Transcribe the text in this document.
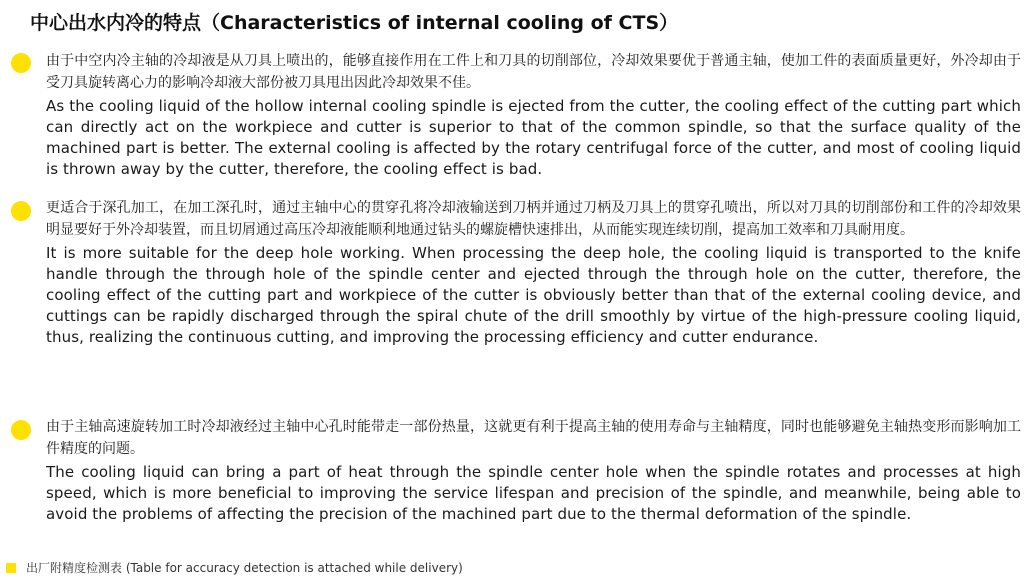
中心出水内冷的特点（Characteristics of internal cooling of CTS）

由于中空内冷主轴的冷却液是从刀具上喷出的，能够直接作用在工件上和刀具的切削部位，冷却效果要优于普通主轴，使加工件的表面质量更好，外冷却由于受刀具旋转离心力的影响冷却液大部份被刀具甩出因此冷却效果不佳。

As the cooling liquid of the hollow internal cooling spindle is ejected from the cutter, the cooling effect of the cutting part which can directly act on the workpiece and cutter is superior to that of the common spindle, so that the surface quality of the machined part is better. The external cooling is affected by the rotary centrifugal force of the cutter, and most of cooling liquid is thrown away by the cutter, therefore, the cooling effect is bad.

更适合于深孔加工，在加工深孔时，通过主轴中心的贯穿孔将冷却液输送到刀柄并通过刀柄及刀具上的贯穿孔喷出，所以对刀具的切削部份和工件的冷却效果明显要好于外冷却装置，而且切屑通过高压冷却液能顺利地通过钻头的螺旋槽快速排出，从而能实现连续切削，提高加工效率和刀具耐用度。

It is more suitable for the deep hole working. When processing the deep hole, the cooling liquid is transported to the knife handle through the through hole of the spindle center and ejected through the through hole on the cutter, therefore, the cooling effect of the cutting part and workpiece of the cutter is obviously better than that of the external cooling device, and cuttings can be rapidly discharged through the spiral chute of the drill smoothly by virtue of the high-pressure cooling liquid, thus, realizing the continuous cutting, and improving the processing efficiency and cutter endurance.

由于主轴高速旋转加工时冷却液经过主轴中心孔时能带走一部份热量，这就更有利于提高主轴的使用寿命与主轴精度，同时也能够避免主轴热变形而影响加工件精度的问题。

The cooling liquid can bring a part of heat through the spindle center hole when the spindle rotates and processes at high speed, which is more beneficial to improving the service lifespan and precision of the spindle, and meanwhile, being able to avoid the problems of affecting the precision of the machined part due to the thermal deformation of the spindle.

出厂附精度检测表 (Table for accuracy detection is attached while delivery)
